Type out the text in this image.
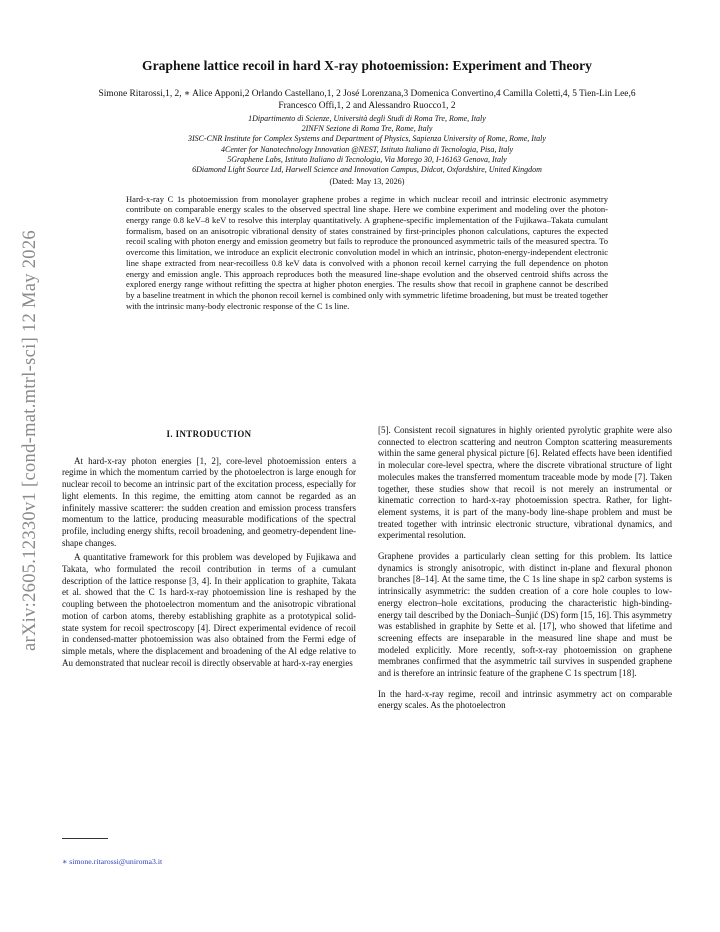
arXiv:2605.12330v1 [cond-mat.mtrl-sci] 12 May 2026
Graphene lattice recoil in hard X-ray photoemission: Experiment and Theory
Simone Ritarossi,1, 2, ∗ Alice Apponi,2 Orlando Castellano,1, 2 José Lorenzana,3 Domenica Convertino,4 Camilla Coletti,4, 5 Tien-Lin Lee,6 Francesco Offi,1, 2 and Alessandro Ruocco1, 2
1Dipartimento di Scienze, Università degli Studi di Roma Tre, Rome, Italy
2INFN Sezione di Roma Tre, Rome, Italy
3ISC-CNR Institute for Complex Systems and Department of Physics, Sapienza University of Rome, Rome, Italy
4Center for Nanotechnology Innovation @NEST, Istituto Italiano di Tecnologia, Pisa, Italy
5Graphene Labs, Istituto Italiano di Tecnologia, Via Morego 30, I-16163 Genova, Italy
6Diamond Light Source Ltd, Harwell Science and Innovation Campus, Didcot, Oxfordshire, United Kingdom
(Dated: May 13, 2026)
Hard-x-ray C 1s photoemission from monolayer graphene probes a regime in which nuclear recoil and intrinsic electronic asymmetry contribute on comparable energy scales to the observed spectral line shape. Here we combine experiment and modeling over the photon-energy range 0.8 keV–8 keV to resolve this interplay quantitatively. A graphene-specific implementation of the Fujikawa–Takata cumulant formalism, based on an anisotropic vibrational density of states constrained by first-principles phonon calculations, captures the expected recoil scaling with photon energy and emission geometry but fails to reproduce the pronounced asymmetric tails of the measured spectra. To overcome this limitation, we introduce an explicit electronic convolution model in which an intrinsic, photon-energy-independent electronic line shape extracted from near-recoilless 0.8 keV data is convolved with a phonon recoil kernel carrying the full dependence on photon energy and emission angle. This approach reproduces both the measured line-shape evolution and the observed centroid shifts across the explored energy range without refitting the spectra at higher photon energies. The results show that recoil in graphene cannot be described by a baseline treatment in which the phonon recoil kernel is combined only with symmetric lifetime broadening, but must be treated together with the intrinsic many-body electronic response of the C 1s line.
I. INTRODUCTION

At hard-x-ray photon energies [1, 2], core-level photoemission enters a regime in which the momentum carried by the photoelectron is large enough for nuclear recoil to become an intrinsic part of the excitation process, especially for light elements. In this regime, the emitting atom cannot be regarded as an infinitely massive scatterer: the sudden creation and emission process transfers momentum to the lattice, producing measurable modifications of the spectral profile, including energy shifts, recoil broadening, and geometry-dependent line-shape changes.

A quantitative framework for this problem was developed by Fujikawa and Takata, who formulated the recoil contribution in terms of a cumulant description of the lattice response [3, 4]. In their application to graphite, Takata et al. showed that the C 1s hard-x-ray photoemission line is reshaped by the coupling between the photoelectron momentum and the anisotropic vibrational motion of carbon atoms, thereby establishing graphite as a prototypical solid-state system for recoil spectroscopy [4]. Direct experimental evidence of recoil in condensed-matter photoemission was also obtained from the Fermi edge of simple metals, where the displacement and broadening of the Al edge relative to Au demonstrated that nuclear recoil is directly observable at hard-x-ray energies

[5]. Consistent recoil signatures in highly oriented pyrolytic graphite were also connected to electron scattering and neutron Compton scattering measurements within the same general physical picture [6]. Related effects have been identified in molecular core-level spectra, where the discrete vibrational structure of light molecules makes the transferred momentum traceable mode by mode [7]. Taken together, these studies show that recoil is not merely an instrumental or kinematic correction to hard-x-ray photoemission spectra. Rather, for light-element systems, it is part of the many-body line-shape problem and must be treated together with intrinsic electronic structure, vibrational dynamics, and experimental resolution.

Graphene provides a particularly clean setting for this problem. Its lattice dynamics is strongly anisotropic, with distinct in-plane and flexural phonon branches [8–14]. At the same time, the C 1s line shape in sp2 carbon systems is intrinsically asymmetric: the sudden creation of a core hole couples to low-energy electron–hole excitations, producing the characteristic high-binding-energy tail described by the Doniach–Šunjić (DS) form [15, 16]. This asymmetry was established in graphite by Sette et al. [17], who showed that lifetime and screening effects are inseparable in the measured line shape and must be modeled explicitly. More recently, soft-x-ray photoemission on graphene membranes confirmed that the asymmetric tail survives in suspended graphene and is therefore an intrinsic feature of the graphene C 1s spectrum [18].

In the hard-x-ray regime, recoil and intrinsic asymmetry act on comparable energy scales. As the photoelectron

∗ simone.ritarossi@uniroma3.it
